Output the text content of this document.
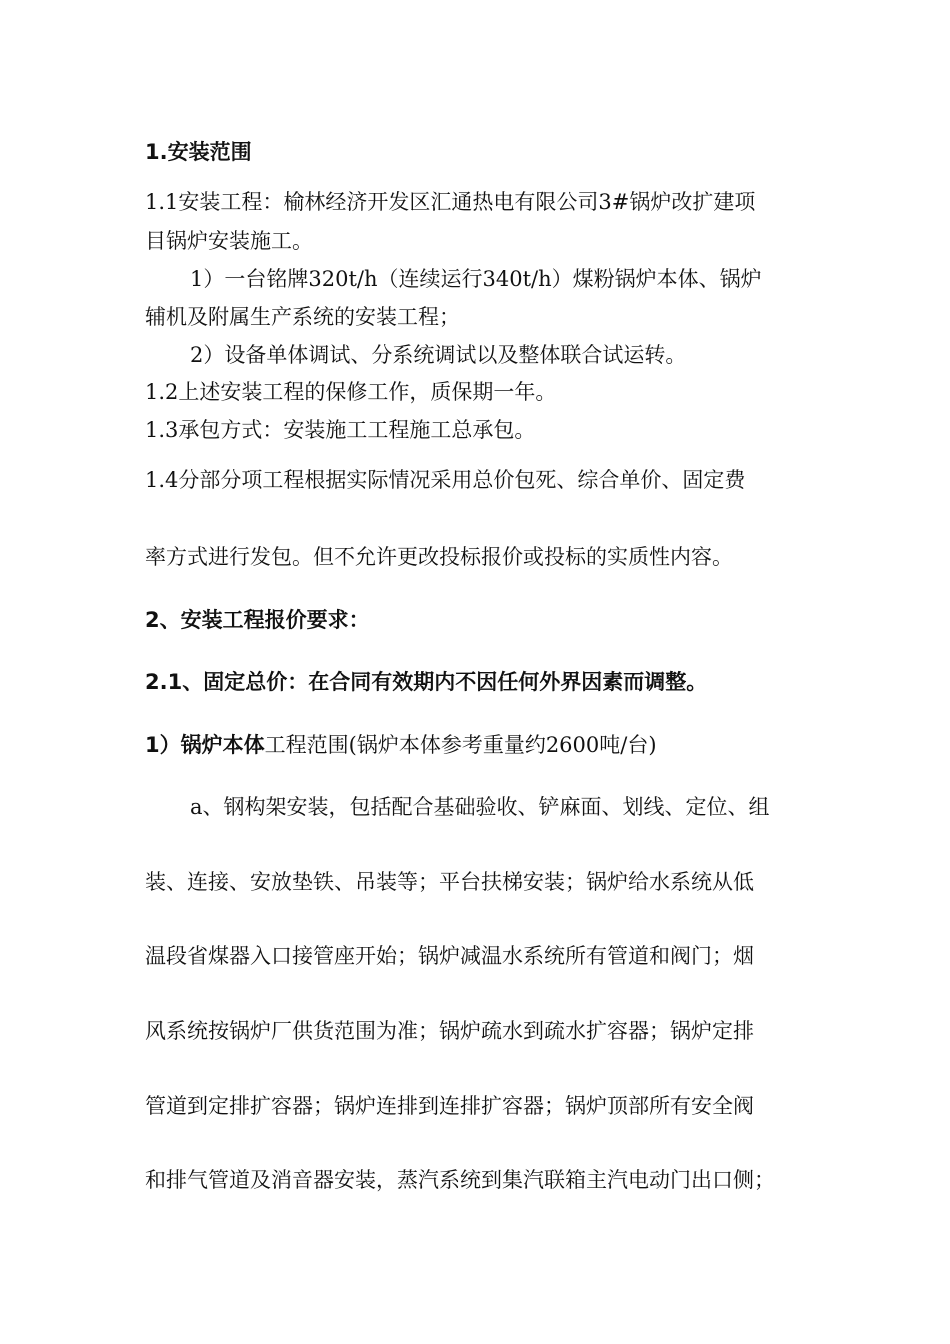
1.安装范围
1.1安装工程：榆林经济开发区汇通热电有限公司3#锅炉改扩建项
目锅炉安装施工。
1）一台铭牌320t/h（连续运行340t/h）煤粉锅炉本体、锅炉
辅机及附属生产系统的安装工程；
2）设备单体调试、分系统调试以及整体联合试运转。
1.2上述安装工程的保修工作，质保期一年。
1.3承包方式：安装施工工程施工总承包。
1.4分部分项工程根据实际情况采用总价包死、综合单价、固定费
率方式进行发包。但不允许更改投标报价或投标的实质性内容。
2、安装工程报价要求：
2.1、固定总价：在合同有效期内不因任何外界因素而调整。
1）锅炉本体工程范围(锅炉本体参考重量约2600吨/台)
a、钢构架安装，包括配合基础验收、铲麻面、划线、定位、组
装、连接、安放垫铁、吊装等；平台扶梯安装；锅炉给水系统从低
温段省煤器入口接管座开始；锅炉减温水系统所有管道和阀门；烟
风系统按锅炉厂供货范围为准；锅炉疏水到疏水扩容器；锅炉定排
管道到定排扩容器；锅炉连排到连排扩容器；锅炉顶部所有安全阀
和排气管道及消音器安装，蒸汽系统到集汽联箱主汽电动门出口侧；
